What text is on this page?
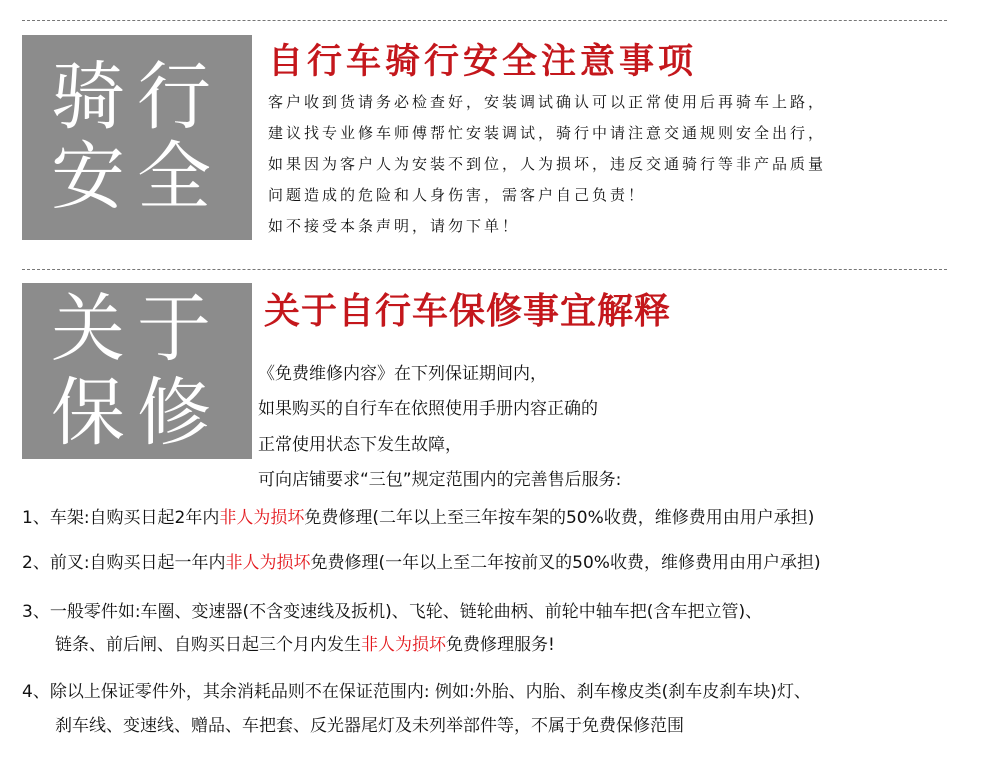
骑行
安全
自行车骑行安全注意事项
客户收到货请务必检查好，安装调试确认可以正常使用后再骑车上路，
建议找专业修车师傅帮忙安装调试，骑行中请注意交通规则安全出行，
如果因为客户人为安装不到位，人为损坏，违反交通骑行等非产品质量
问题造成的危险和人身伤害，需客户自己负责！
如不接受本条声明，请勿下单！
关于
保修
关于自行车保修事宜解释
《免费维修内容》在下列保证期间内，
如果购买的自行车在依照使用手册内容正确的
正常使用状态下发生故障，
可向店铺要求“三包”规定范围内的完善售后服务:
1、车架:自购买日起2年内非人为损坏免费修理(二年以上至三年按车架的50%收费，维修费用由用户承担)
2、前叉:自购买日起一年内非人为损坏免费修理(一年以上至二年按前叉的50%收费，维修费用由用户承担)
3、一般零件如:车圈、变速器(不含变速线及扳机)、飞轮、链轮曲柄、前轮中轴车把(含车把立管)、
链条、前后闸、自购买日起三个月内发生非人为损坏免费修理服务!
4、除以上保证零件外，其余消耗品则不在保证范围内: 例如:外胎、内胎、刹车橡皮类(刹车皮刹车块)灯、
刹车线、变速线、赠品、车把套、反光器尾灯及未列举部件等，不属于免费保修范围
